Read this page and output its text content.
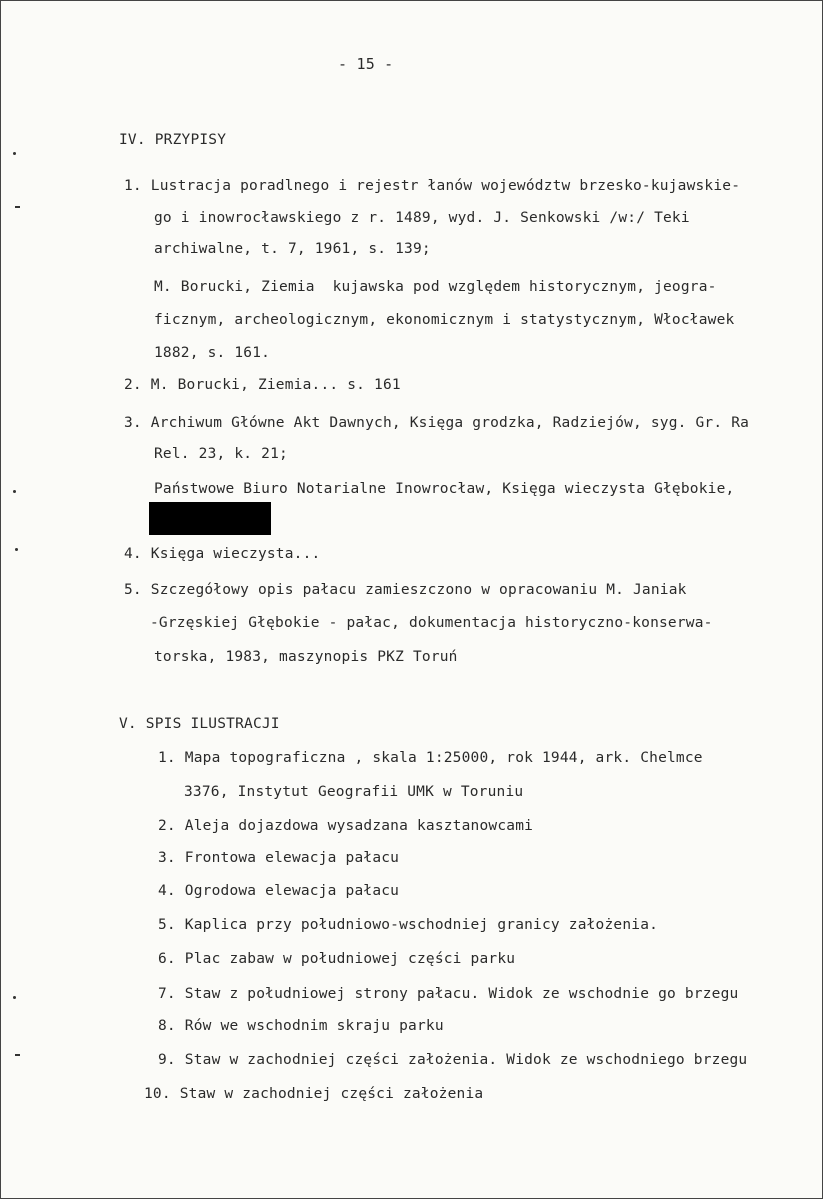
- 15 -
IV. PRZYPISY
1. Lustracja poradlnego i rejestr łanów województw brzesko-kujawskie-
go i inowrocławskiego z r. 1489, wyd. J. Senkowski /w:/ Teki
archiwalne, t. 7, 1961, s. 139;
M. Borucki, Ziemia  kujawska pod względem historycznym, jeogra-
ficznym, archeologicznym, ekonomicznym i statystycznym, Włocławek
1882, s. 161.
2. M. Borucki, Ziemia... s. 161
3. Archiwum Główne Akt Dawnych, Księga grodzka, Radziejów, syg. Gr. Ra
Rel. 23, k. 21;
Państwowe Biuro Notarialne Inowrocław, Księga wieczysta Głębokie,
4. Księga wieczysta...
5. Szczegółowy opis pałacu zamieszczono w opracowaniu M. Janiak
-Grzęskiej Głębokie - pałac, dokumentacja historyczno-konserwa-
torska, 1983, maszynopis PKZ Toruń
V. SPIS ILUSTRACJI
1. Mapa topograficzna , skala 1:25000, rok 1944, ark. Chelmce
3376, Instytut Geografii UMK w Toruniu
2. Aleja dojazdowa wysadzana kasztanowcami
3. Frontowa elewacja pałacu
4. Ogrodowa elewacja pałacu
5. Kaplica przy południowo-wschodniej granicy założenia.
6. Plac zabaw w południowej części parku
7. Staw z południowej strony pałacu. Widok ze wschodnie go brzegu
8. Rów we wschodnim skraju parku
9. Staw w zachodniej części założenia. Widok ze wschodniego brzegu
10. Staw w zachodniej części założenia
